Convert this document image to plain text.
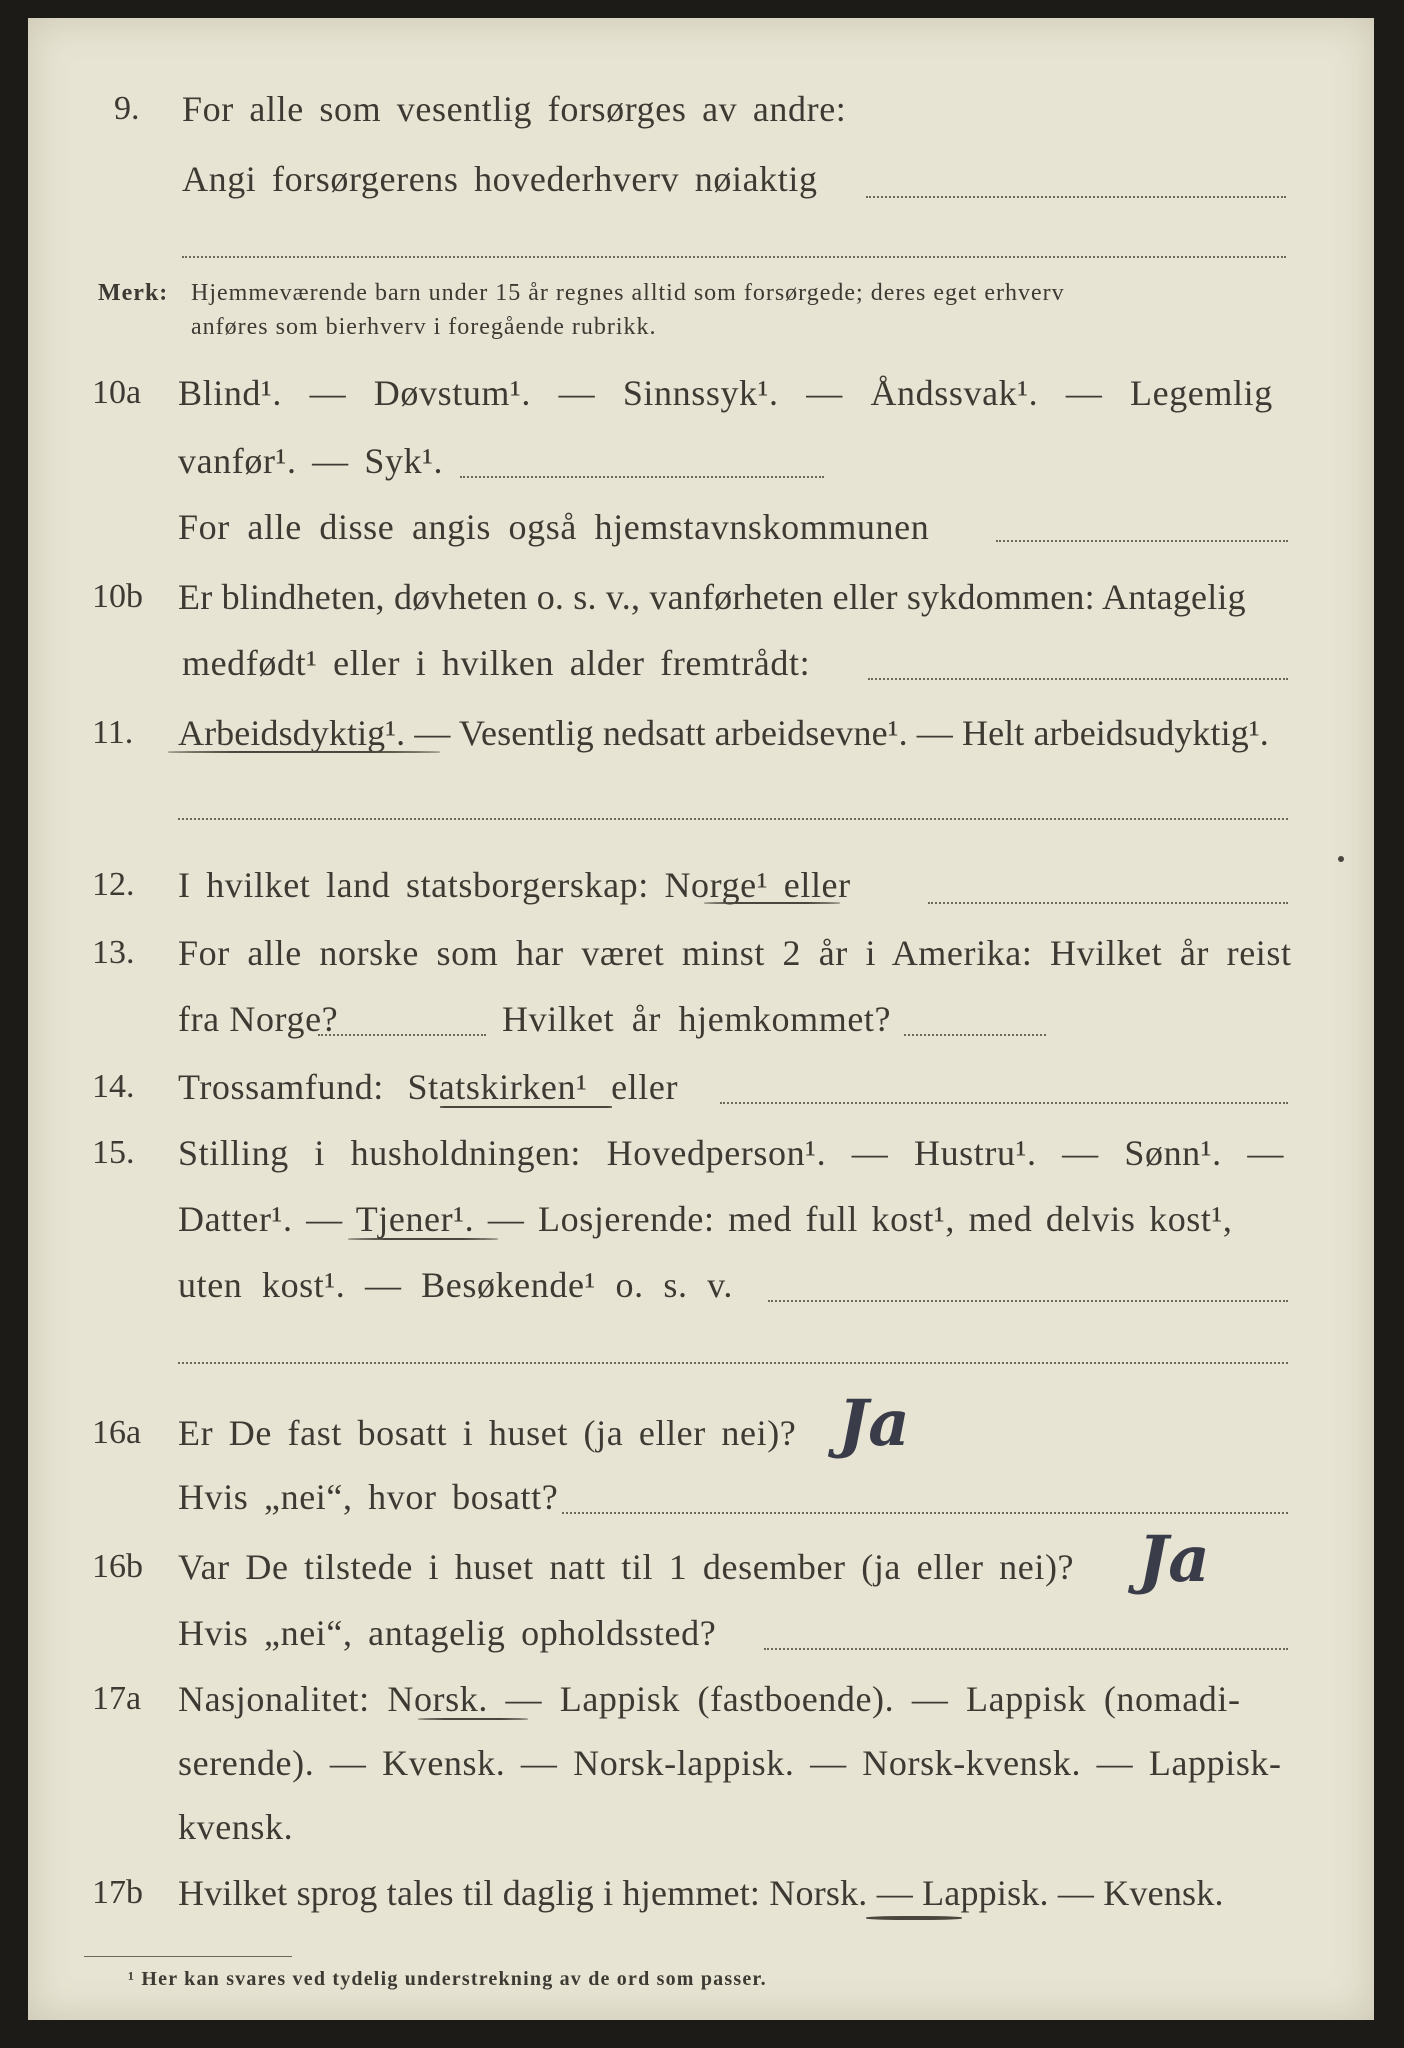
9. For alle som vesentlig forsørges av andre:
Angi forsørgerens hovederhverv nøiaktig
Merk: Hjemmeværende barn under 15 år regnes alltid som forsørgede; deres eget erhverv
anføres som bierhverv i foregående rubrikk.
10a Blind¹. — Døvstum¹. — Sinnssyk¹. — Åndssvak¹. — Legemlig
vanfør¹. — Syk¹.
For alle disse angis også hjemstavnskommunen
10b Er blindheten, døvheten o. s. v., vanførheten eller sykdommen: Antagelig
medfødt¹ eller i hvilken alder fremtrådt:
11. Arbeidsdyktig¹. — Vesentlig nedsatt arbeidsevne¹. — Helt arbeidsudyktig¹.
12. I hvilket land statsborgerskap: Norge¹ eller
13. For alle norske som har været minst 2 år i Amerika: Hvilket år reist
fra Norge?	Hvilket år hjemkommet?
14. Trossamfund: Statskirken¹ eller
15. Stilling i husholdningen: Hovedperson¹. — Hustru¹. — Sønn¹. —
Datter¹. — Tjener¹. — Losjerende: med full kost¹, med delvis kost¹,
uten kost¹. — Besøkende¹ o. s. v.
16a Er De fast bosatt i huset (ja eller nei)? Ja
Hvis „nei“, hvor bosatt?
16b Var De tilstede i huset natt til 1 desember (ja eller nei)? Ja
Hvis „nei“, antagelig opholdssted?
17a Nasjonalitet: Norsk. — Lappisk (fastboende). — Lappisk (nomadi-
serende). — Kvensk. — Norsk-lappisk. — Norsk-kvensk. — Lappisk-
kvensk.
17b Hvilket sprog tales til daglig i hjemmet: Norsk. — Lappisk. — Kvensk.
¹ Her kan svares ved tydelig understrekning av de ord som passer.
